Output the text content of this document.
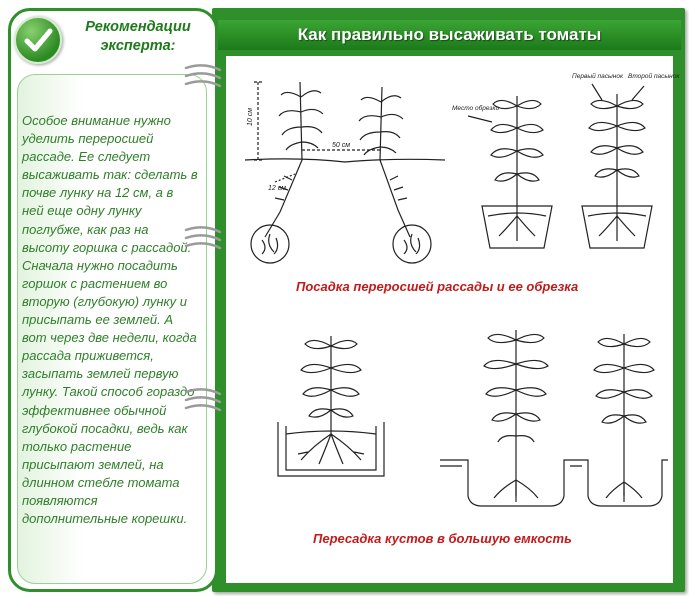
Как правильно высаживать томаты
10 см
50 см
12 см
Место обрезки
Первый пасынок Второй пасынок
Посадка переросшей рассады и ее обрезка
Пересадка кустов в большую емкость
Рекомендации эксперта:
Особое внимание нужно уделить переросшей рассаде. Ее следует высаживать так: сделать в почве лунку на 12 см, а в ней еще одну лунку поглубже, как раз на высоту горшка с рассадой. Сначала нужно посадить горшок с растением во вторую (глубокую) лунку и присыпать ее землей. А вот через две недели, когда рассада приживется, засыпать землей первую лунку. Такой способ гораздо эффективнее обычной глубокой посадки, ведь как только растение присыпают землей, на длинном стебле томата появляются дополнительные корешки.
